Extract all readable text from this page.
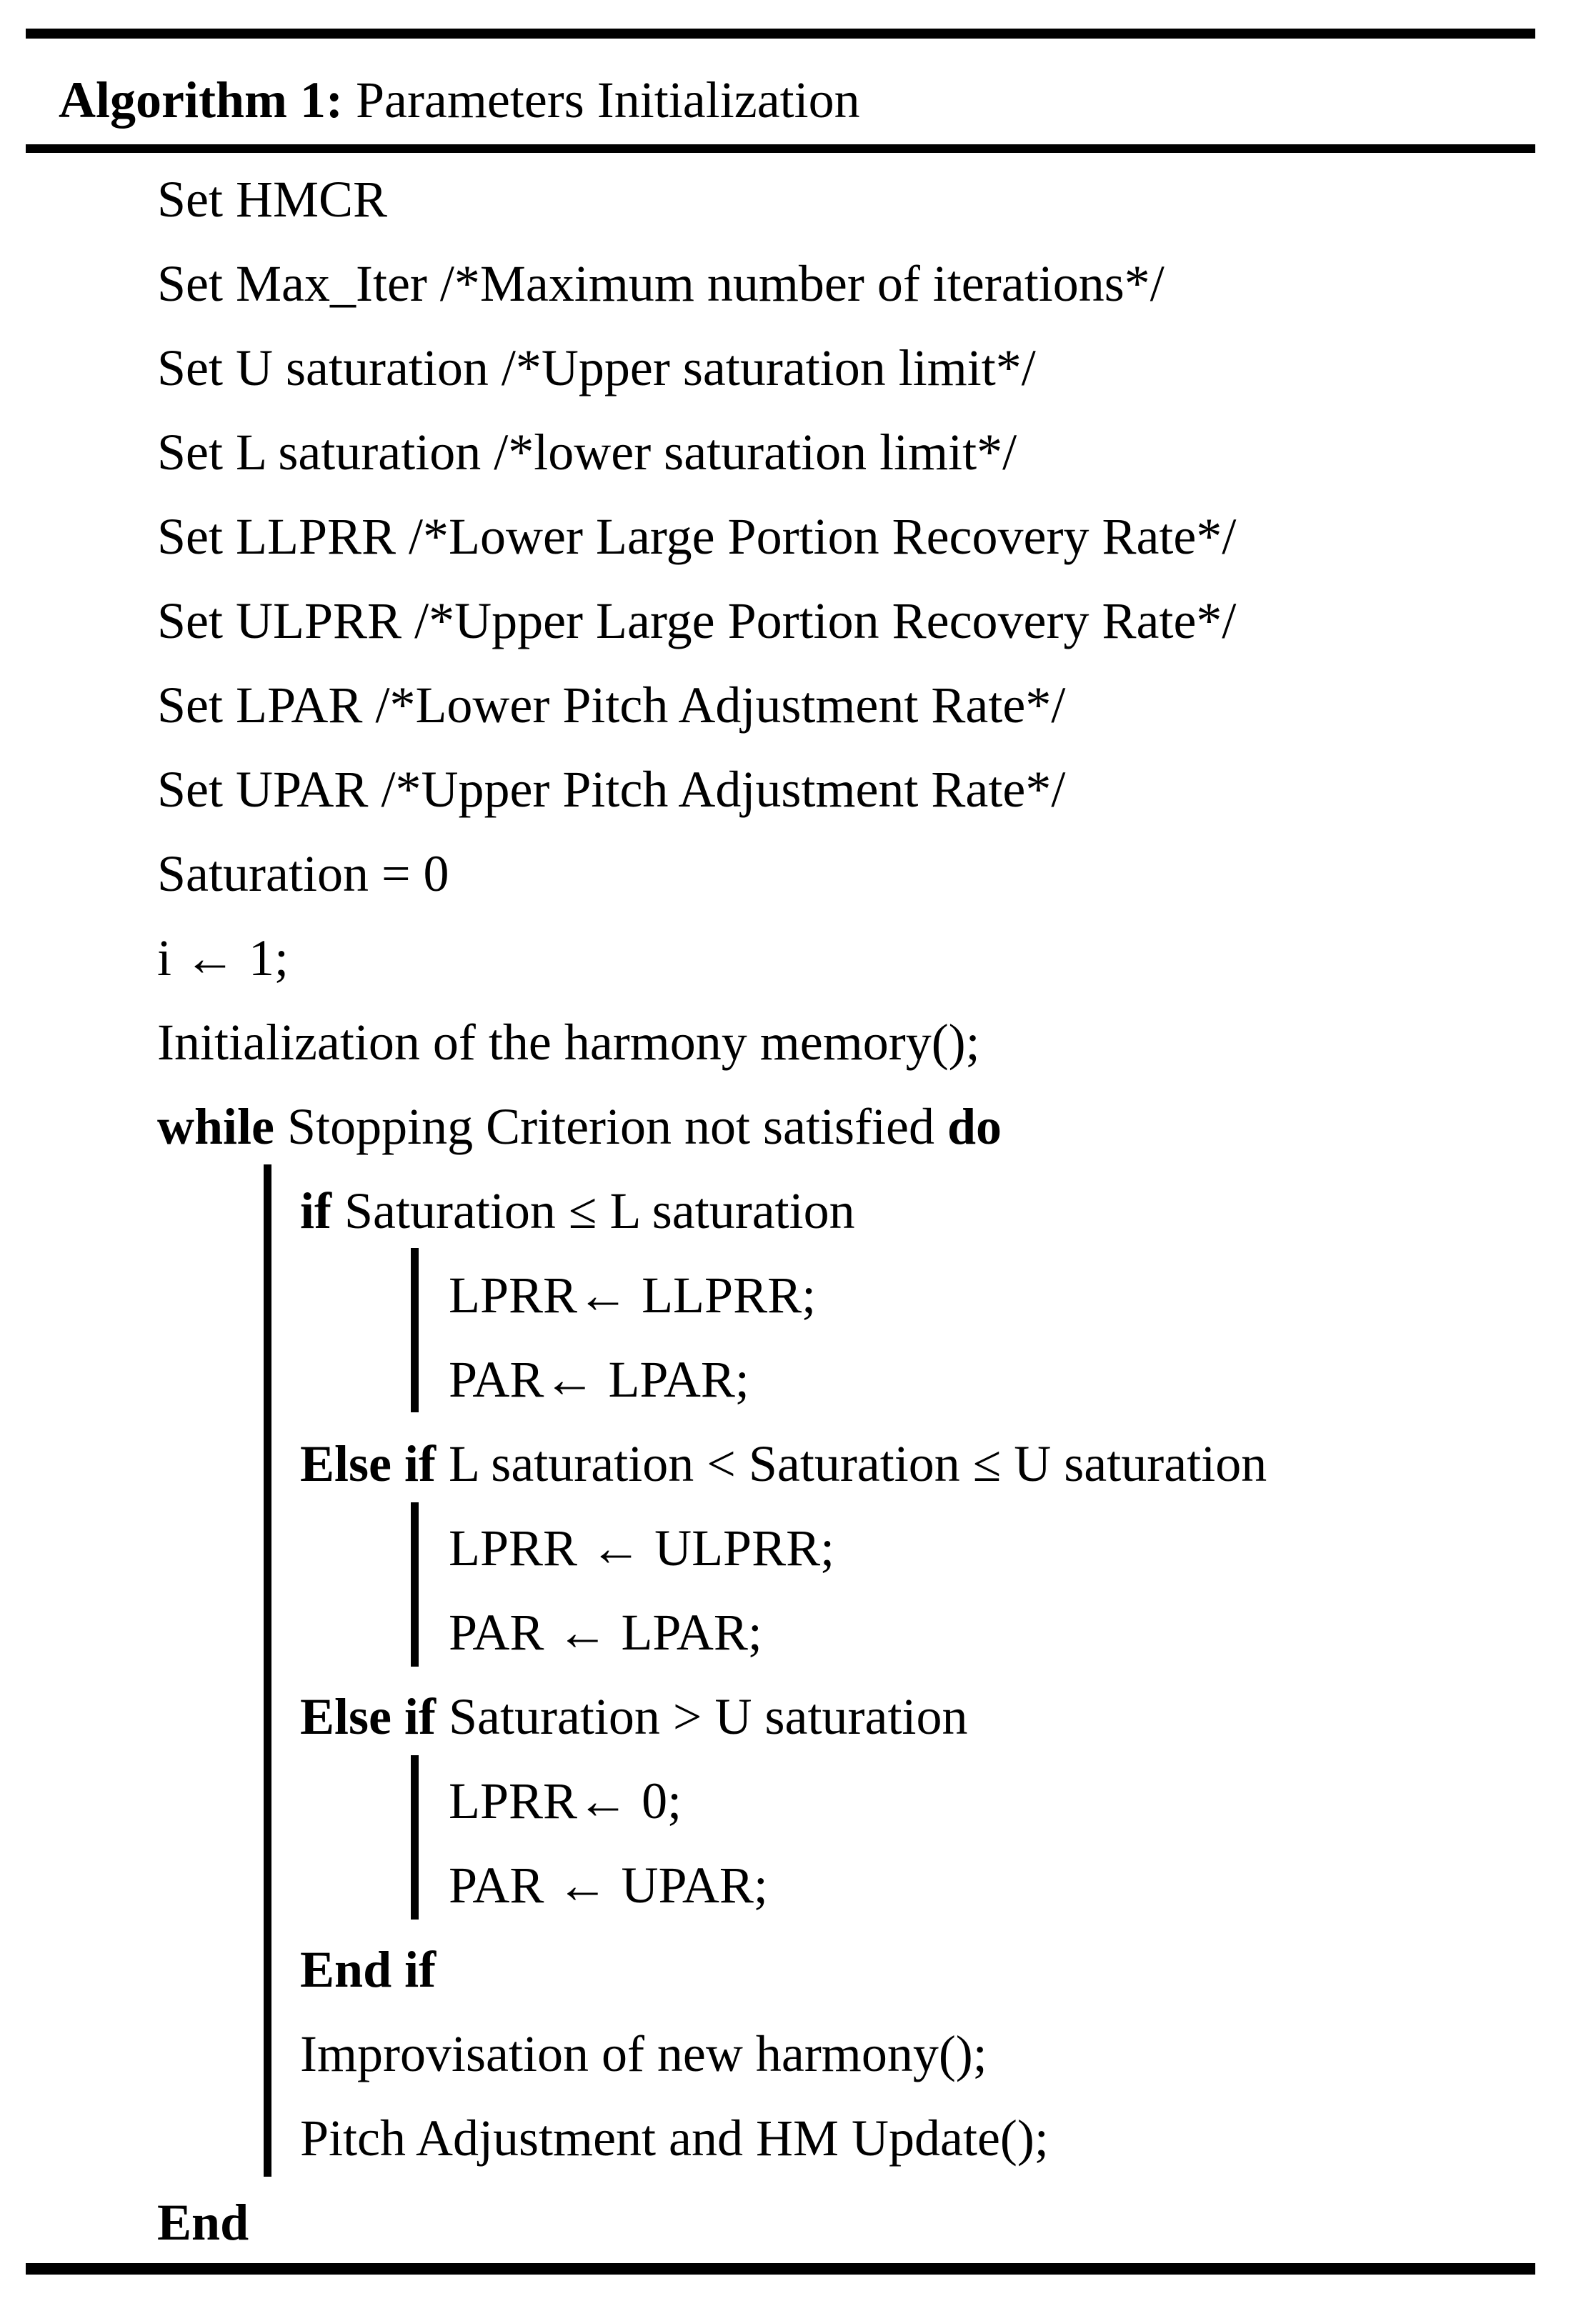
Algorithm 1: Parameters Initialization
Set HMCR
Set Max_Iter /*Maximum number of iterations*/
Set U saturation /*Upper saturation limit*/
Set L saturation /*lower saturation limit*/
Set LLPRR /*Lower Large Portion Recovery Rate*/
Set ULPRR /*Upper Large Portion Recovery Rate*/
Set LPAR /*Lower Pitch Adjustment Rate*/
Set UPAR /*Upper Pitch Adjustment Rate*/
Saturation = 0
i ← 1;
Initialization of the harmony memory();
while Stopping Criterion not satisfied do
if Saturation ≤ L saturation
LPRR← LLPRR;
PAR← LPAR;
Else if L saturation < Saturation ≤ U saturation
LPRR ← ULPRR;
PAR ← LPAR;
Else if Saturation > U saturation
LPRR← 0;
PAR ← UPAR;
End if
Improvisation of new harmony();
Pitch Adjustment and HM Update();
End
